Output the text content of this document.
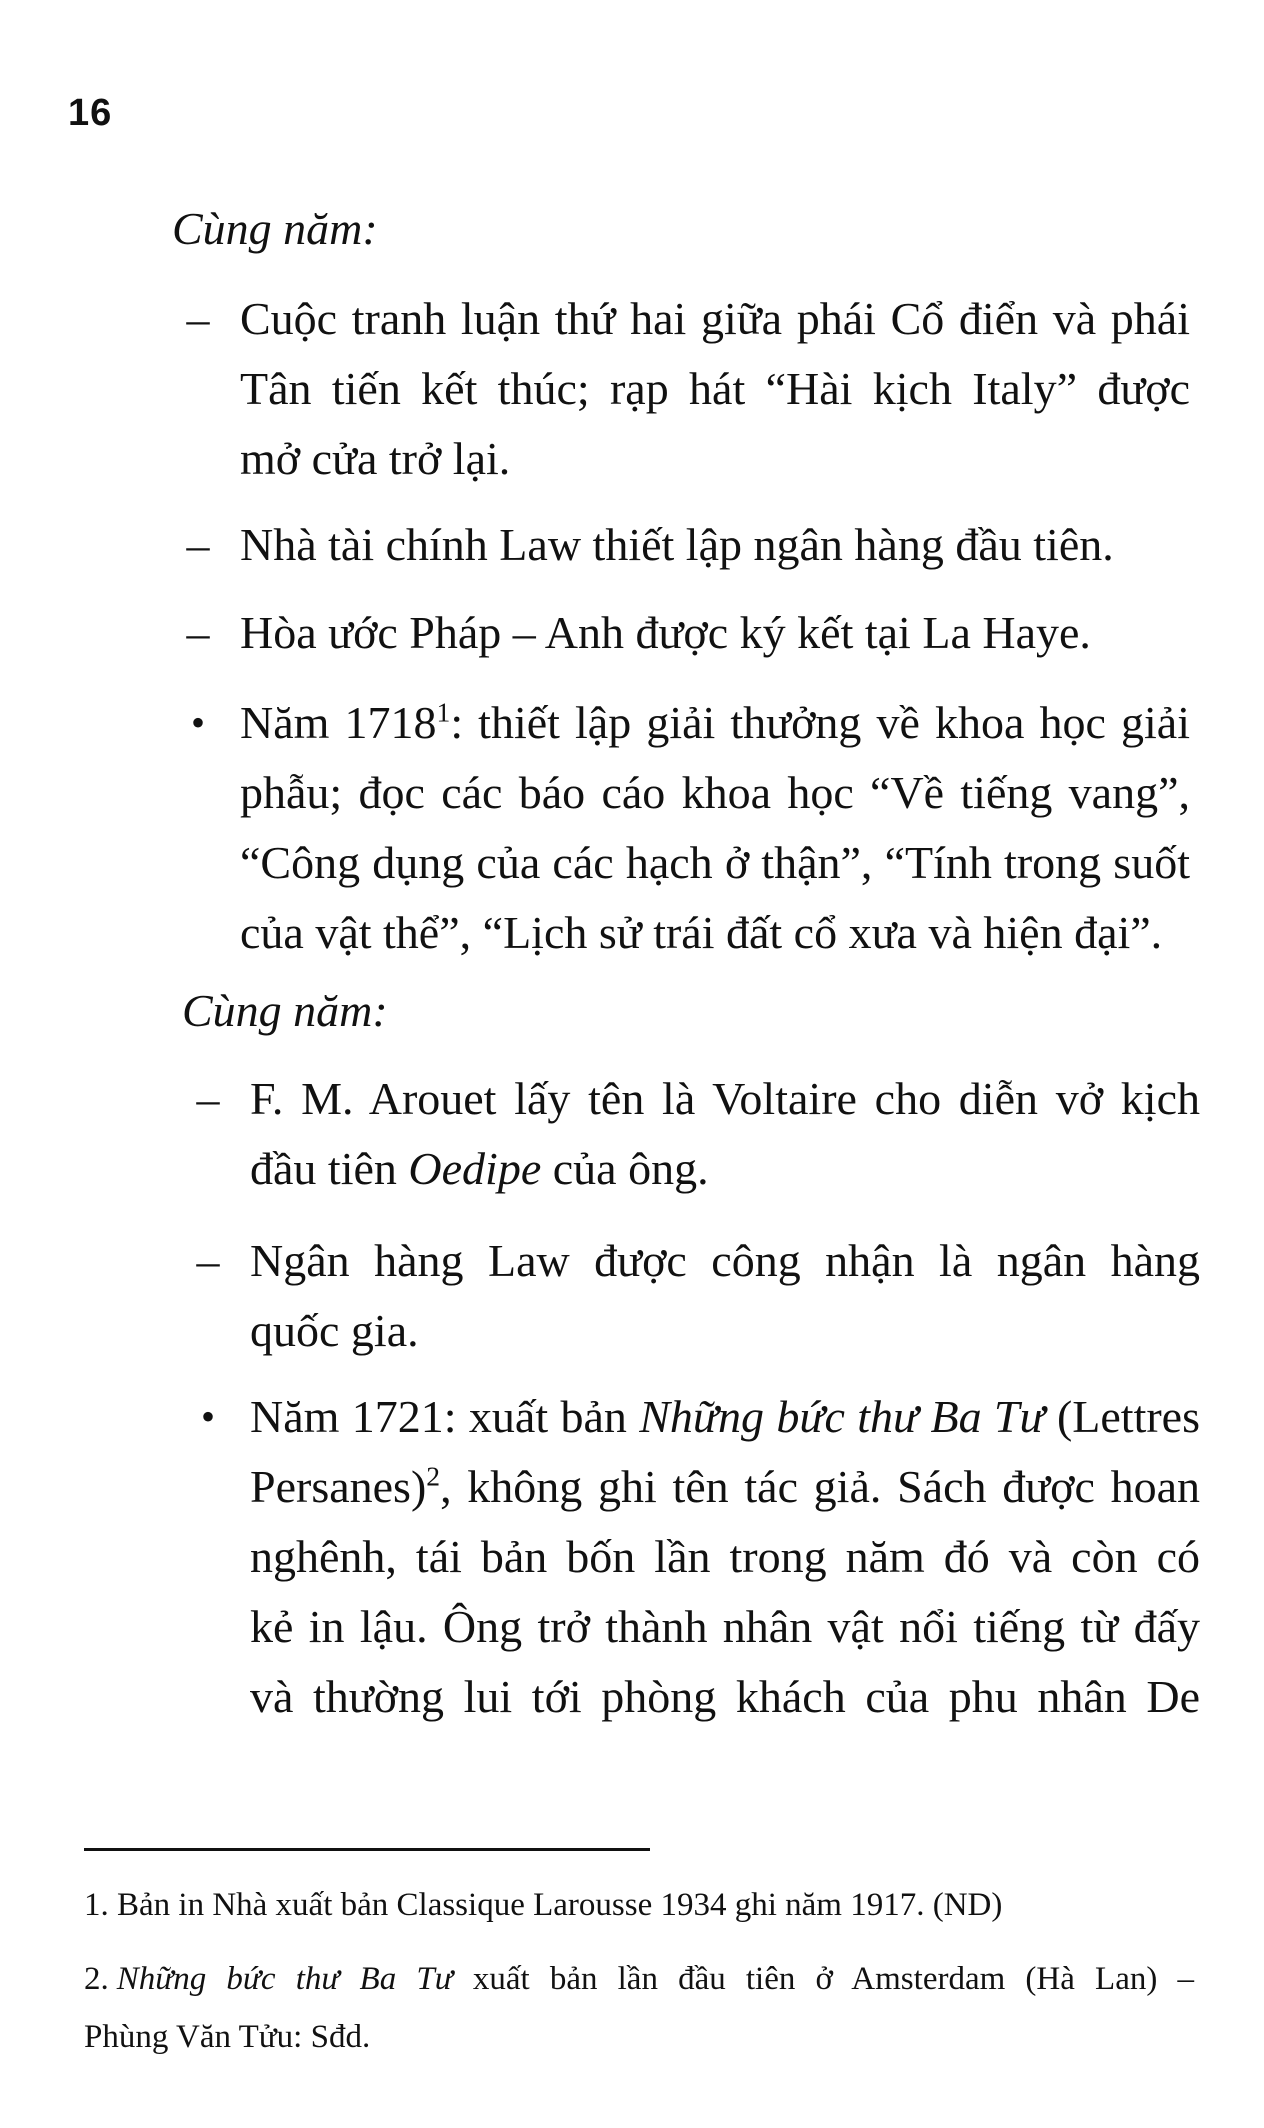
16
Cùng năm:
– Cuộc tranh luận thứ hai giữa phái Cổ điển và phái
Tân tiến kết thúc; rạp hát “Hài kịch Italy” được
mở cửa trở lại.
– Nhà tài chính Law thiết lập ngân hàng đầu tiên.
– Hòa ước Pháp – Anh được ký kết tại La Haye.
• Năm 1718$^1$: thiết lập giải thưởng về khoa học giải
phẫu; đọc các báo cáo khoa học “Về tiếng vang”,
“Công dụng của các hạch ở thận”, “Tính trong suốt
của vật thể”, “Lịch sử trái đất cổ xưa và hiện đại”.
Cùng năm:
– F. M. Arouet lấy tên là Voltaire cho diễn vở kịch
đầu tiên Oedipe của ông.
– Ngân hàng Law được công nhận là ngân hàng
quốc gia.
• Năm 1721: xuất bản Những bức thư Ba Tư (Lettres
Persanes)$^2$, không ghi tên tác giả. Sách được hoan
nghênh, tái bản bốn lần trong năm đó và còn có
kẻ in lậu. Ông trở thành nhân vật nổi tiếng từ đấy
và thường lui tới phòng khách của phu nhân De
1. Bản in Nhà xuất bản Classique Larousse 1934 ghi năm 1917. (ND)
2. Những bức thư Ba Tư xuất bản lần đầu tiên ở Amsterdam (Hà Lan) –
Phùng Văn Tửu: Sđd.
